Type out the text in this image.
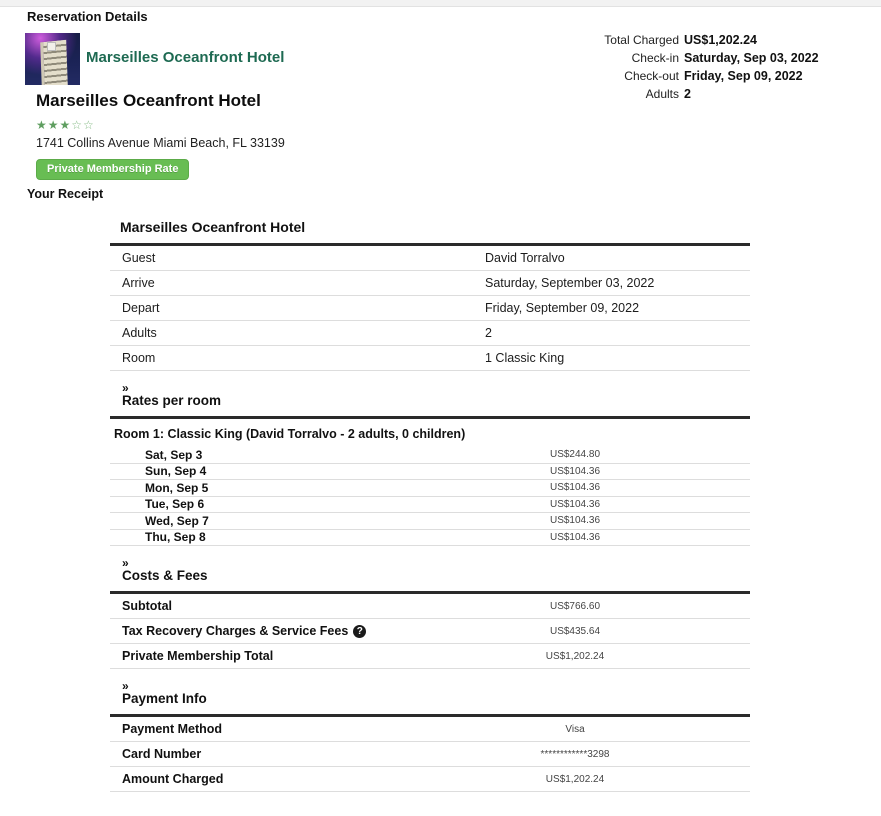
Reservation Details
Marseilles Oceanfront Hotel
Marseilles Oceanfront Hotel
★★★☆☆
1741 Collins Avenue Miami Beach, FL 33139
Private Membership Rate
Total Charged US$1,202.24
Check-in Saturday, Sep 03, 2022
Check-out Friday, Sep 09, 2022
Adults 2
Your Receipt
Marseilles Oceanfront Hotel
Guest	David Torralvo
Arrive	Saturday, September 03, 2022
Depart	Friday, September 09, 2022
Adults	2
Room	1 Classic King
»
Rates per room
Room 1: Classic King (David Torralvo - 2 adults, 0 children)
Sat, Sep 3	US$244.80
Sun, Sep 4	US$104.36
Mon, Sep 5	US$104.36
Tue, Sep 6	US$104.36
Wed, Sep 7	US$104.36
Thu, Sep 8	US$104.36
»
Costs & Fees
Subtotal	US$766.60
Tax Recovery Charges & Service Fees ?	US$435.64
Private Membership Total	US$1,202.24
»
Payment Info
Payment Method	Visa
Card Number	************3298
Amount Charged	US$1,202.24
